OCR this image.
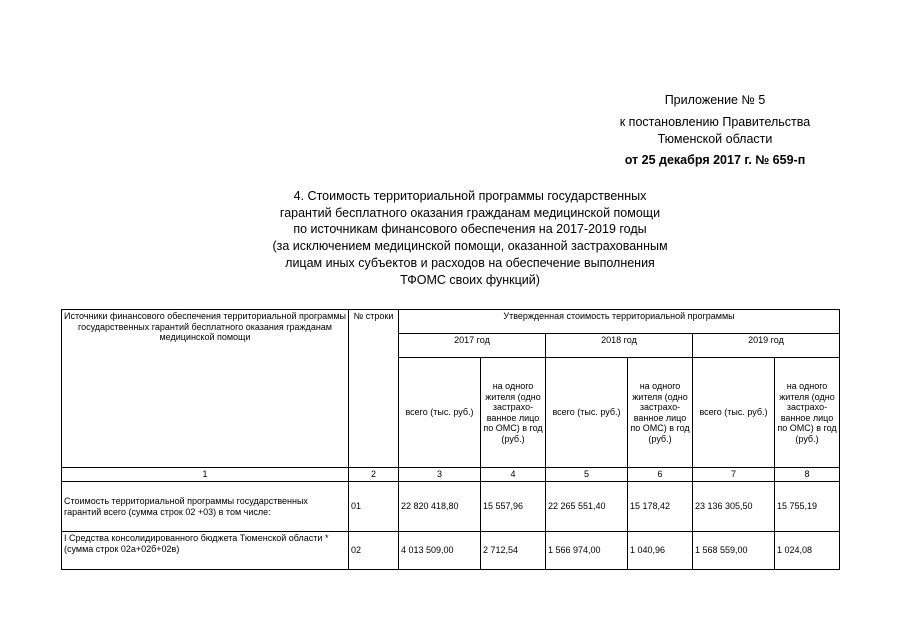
Приложение № 5
к постановлению Правительства
Тюменской области
от 25 декабря 2017 г. № 659-п
4. Стоимость территориальной программы государственных
гарантий бесплатного оказания гражданам медицинской помощи
по источникам финансового обеспечения на 2017-2019 годы
(за исключением медицинской помощи, оказанной застрахованным
лицам иных субъектов и расходов на обеспечение выполнения
ТФОМС своих функций)
Источники финансового обеспечения территориальной программы государственных гарантий бесплатного оказания гражданам медицинской помощи	№ строки	Утвержденная стоимость территориальной программы					
		2017 год		2018 год		2019 год	
		всего (тыс. руб.)	на одного жителя (одно застрахо-ванное лицо по ОМС) в год (руб.)	всего (тыс. руб.)	на одного жителя (одно застрахо-ванное лицо по ОМС) в год (руб.)	всего (тыс. руб.)	на одного жителя (одно застрахо-ванное лицо по ОМС) в год (руб.)
1	2	3	4	5	6	7	8
Стоимость территориальной программы государственных гарантий всего (сумма строк 02 +03) в том числе:	01	22 820 418,80	15 557,96	22 265 551,40	15 178,42	23 136 305,50	15 755,19
I Средства консолидированного бюджета Тюменской области * (сумма строк 02а+02б+02в)	02	4 013 509,00	2 712,54	1 566 974,00	1 040,96	1 568 559,00	1 024,08
